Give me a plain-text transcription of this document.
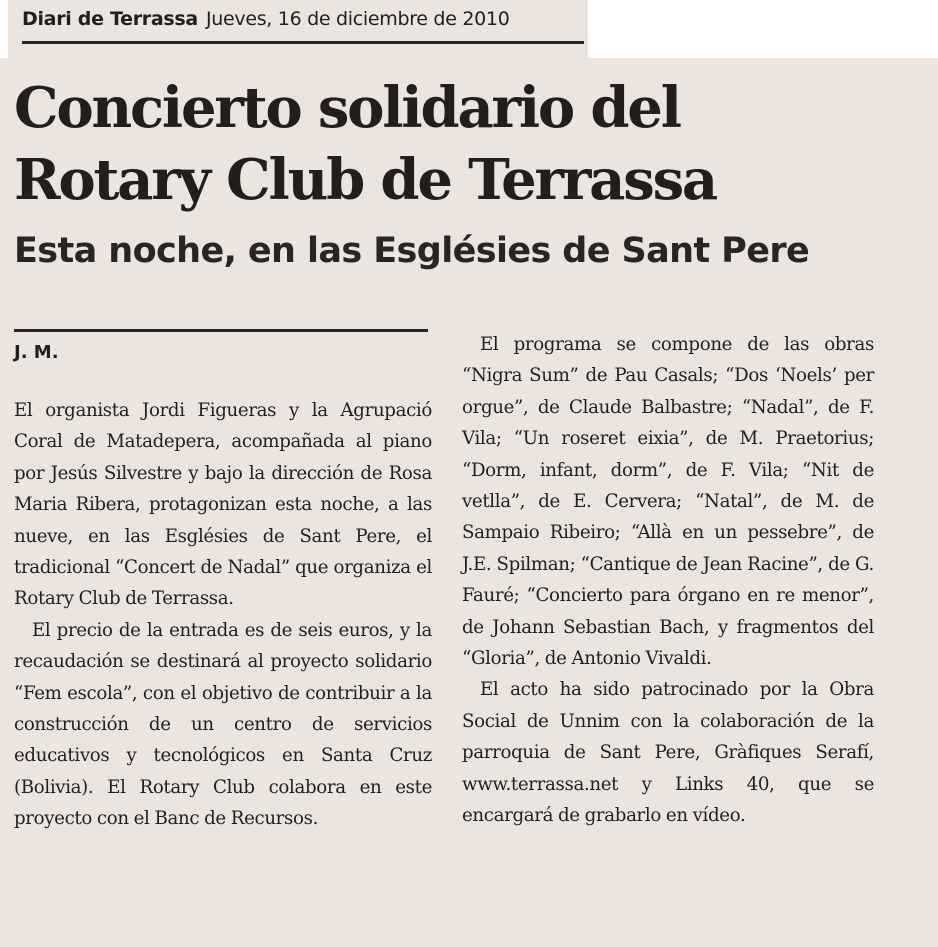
Diari de Terrassa Jueves, 16 de diciembre de 2010
Concierto solidario del
Rotary Club de Terrassa
Esta noche, en las Esglésies de Sant Pere
J. M.

El organista Jordi Figueras y la Agrupació Coral de Matadepera, acompañada al piano por Jesús Silvestre y bajo la dirección de Rosa Maria Ribera, protagonizan esta noche, a las nueve, en las Esglésies de Sant Pere, el tradicional “Concert de Nadal” que organiza el Rotary Club de Terrassa.

El precio de la entrada es de seis euros, y la recaudación se destinará al proyecto solidario “Fem escola”, con el objetivo de contribuir a la construcción de un centro de servicios educativos y tecnológicos en Santa Cruz (Bolivia). El Rotary Club colabora en este proyecto con el Banc de Recursos.

El programa se compone de las obras “Nigra Sum” de Pau Casals; “Dos ‘Noels’ per orgue”, de Claude Balbastre; “Nadal”, de F. Vila; “Un roseret eixia”, de M. Praetorius; “Dorm, infant, dorm”, de F. Vila; “Nit de vetlla”, de E. Cervera; “Natal”, de M. de Sampaio Ribeiro; “Allà en un pessebre”, de J.E. Spilman; “Cantique de Jean Racine”, de G. Fauré; “Concierto para órgano en re menor”, de Johann Sebastian Bach, y fragmentos del “Gloria”, de Antonio Vivaldi.

El acto ha sido patrocinado por la Obra Social de Unnim con la colaboración de la parroquia de Sant Pere, Gràfiques Serafí, www.terrassa.net y Links 40, que se encargará de grabarlo en vídeo.
